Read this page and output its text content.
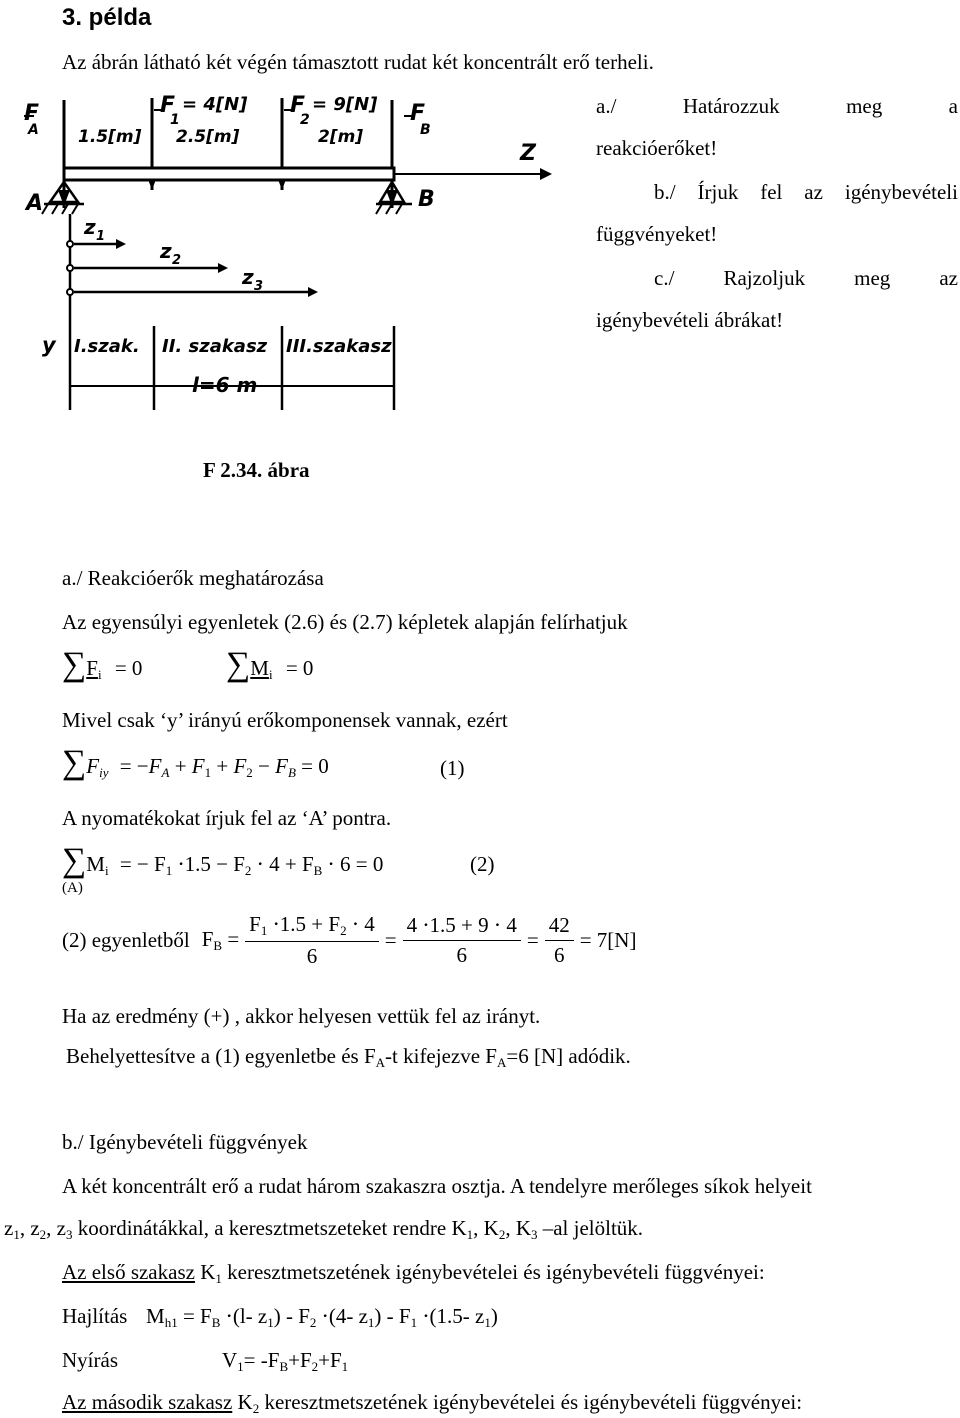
3. példa
Az ábrán látható két végén támasztott rudat két koncentrált erő terheli.
a./	Határozzuk	meg	a
reakcióerőket!
b./ Írjuk fel az igénybevételi
függvényeket!
c./ Rajzoljuk meg az
igénybevételi ábrákat!
F
A
F
1
= 4[N] F
2
= 9[N] F
B
1.5[m] 2.5[m]	2[m]
Z
A	B
z 1
z 2
z 3
y I.szak. II. szakasz III.szakasz
l=6 m
F 2.34. ábra
a./ Reakcióerők meghatározása
Az egyensúlyi egyenletek (2.6) és (2.7) képletek alapján felírhatjuk
$\sum F_i = 0$ $\sum M_i = 0$
Mivel csak ‘y’ irányú erőkomponensek vannak, ezért
$\sum F_{iy} = -F_A + F_1 + F_2 - F_B = 0$	(1)
A nyomatékokat írjuk fel az ‘A’ pontra.
$\sum M_i$ = − $F_1 \cdot 1.5 - F_2 \cdot 4 + F_B \cdot 6 = 0$
(A)
(2)
(2) egyenletből $F_B = \frac{F_1 \cdot 1.5 + F_2 \cdot 4}{6} = \frac{4 \cdot 1.5 + 9 \cdot 4}{6} = \frac{42}{6} = 7[N]$
Ha az eredmény (+) , akkor helyesen vettük fel az irányt.
Behelyettesítve a (1) egyenletbe és $F_A-t$ kifejezve $F_A=6$ [N] adódik.
b./ Igénybevételi függvények
A két koncentrált erő a rudat három szakaszra osztja. A tendelyre merőleges síkok helyeit
$z_1$, $z_2$, $z_3$ koordinátákkal, a keresztmetszeteket rendre $K_1$, $K_2$, $K_3$ –al jelöltük.
Az első szakasz $K_1$ keresztmetszetének igénybevételei és igénybevételi függvényei:
Hajlítás $M_{h1} = F_B \cdot(l-$ $z_1) - F_2 \cdot(4-$ $z_1) - F_1 \cdot(1.5-$ $z_1$)
Nyírás	$V_1= -F_B+F_2+F_1$
Az második szakasz $K_2$ keresztmetszetének igénybevételei és igénybevételi függvényei:
